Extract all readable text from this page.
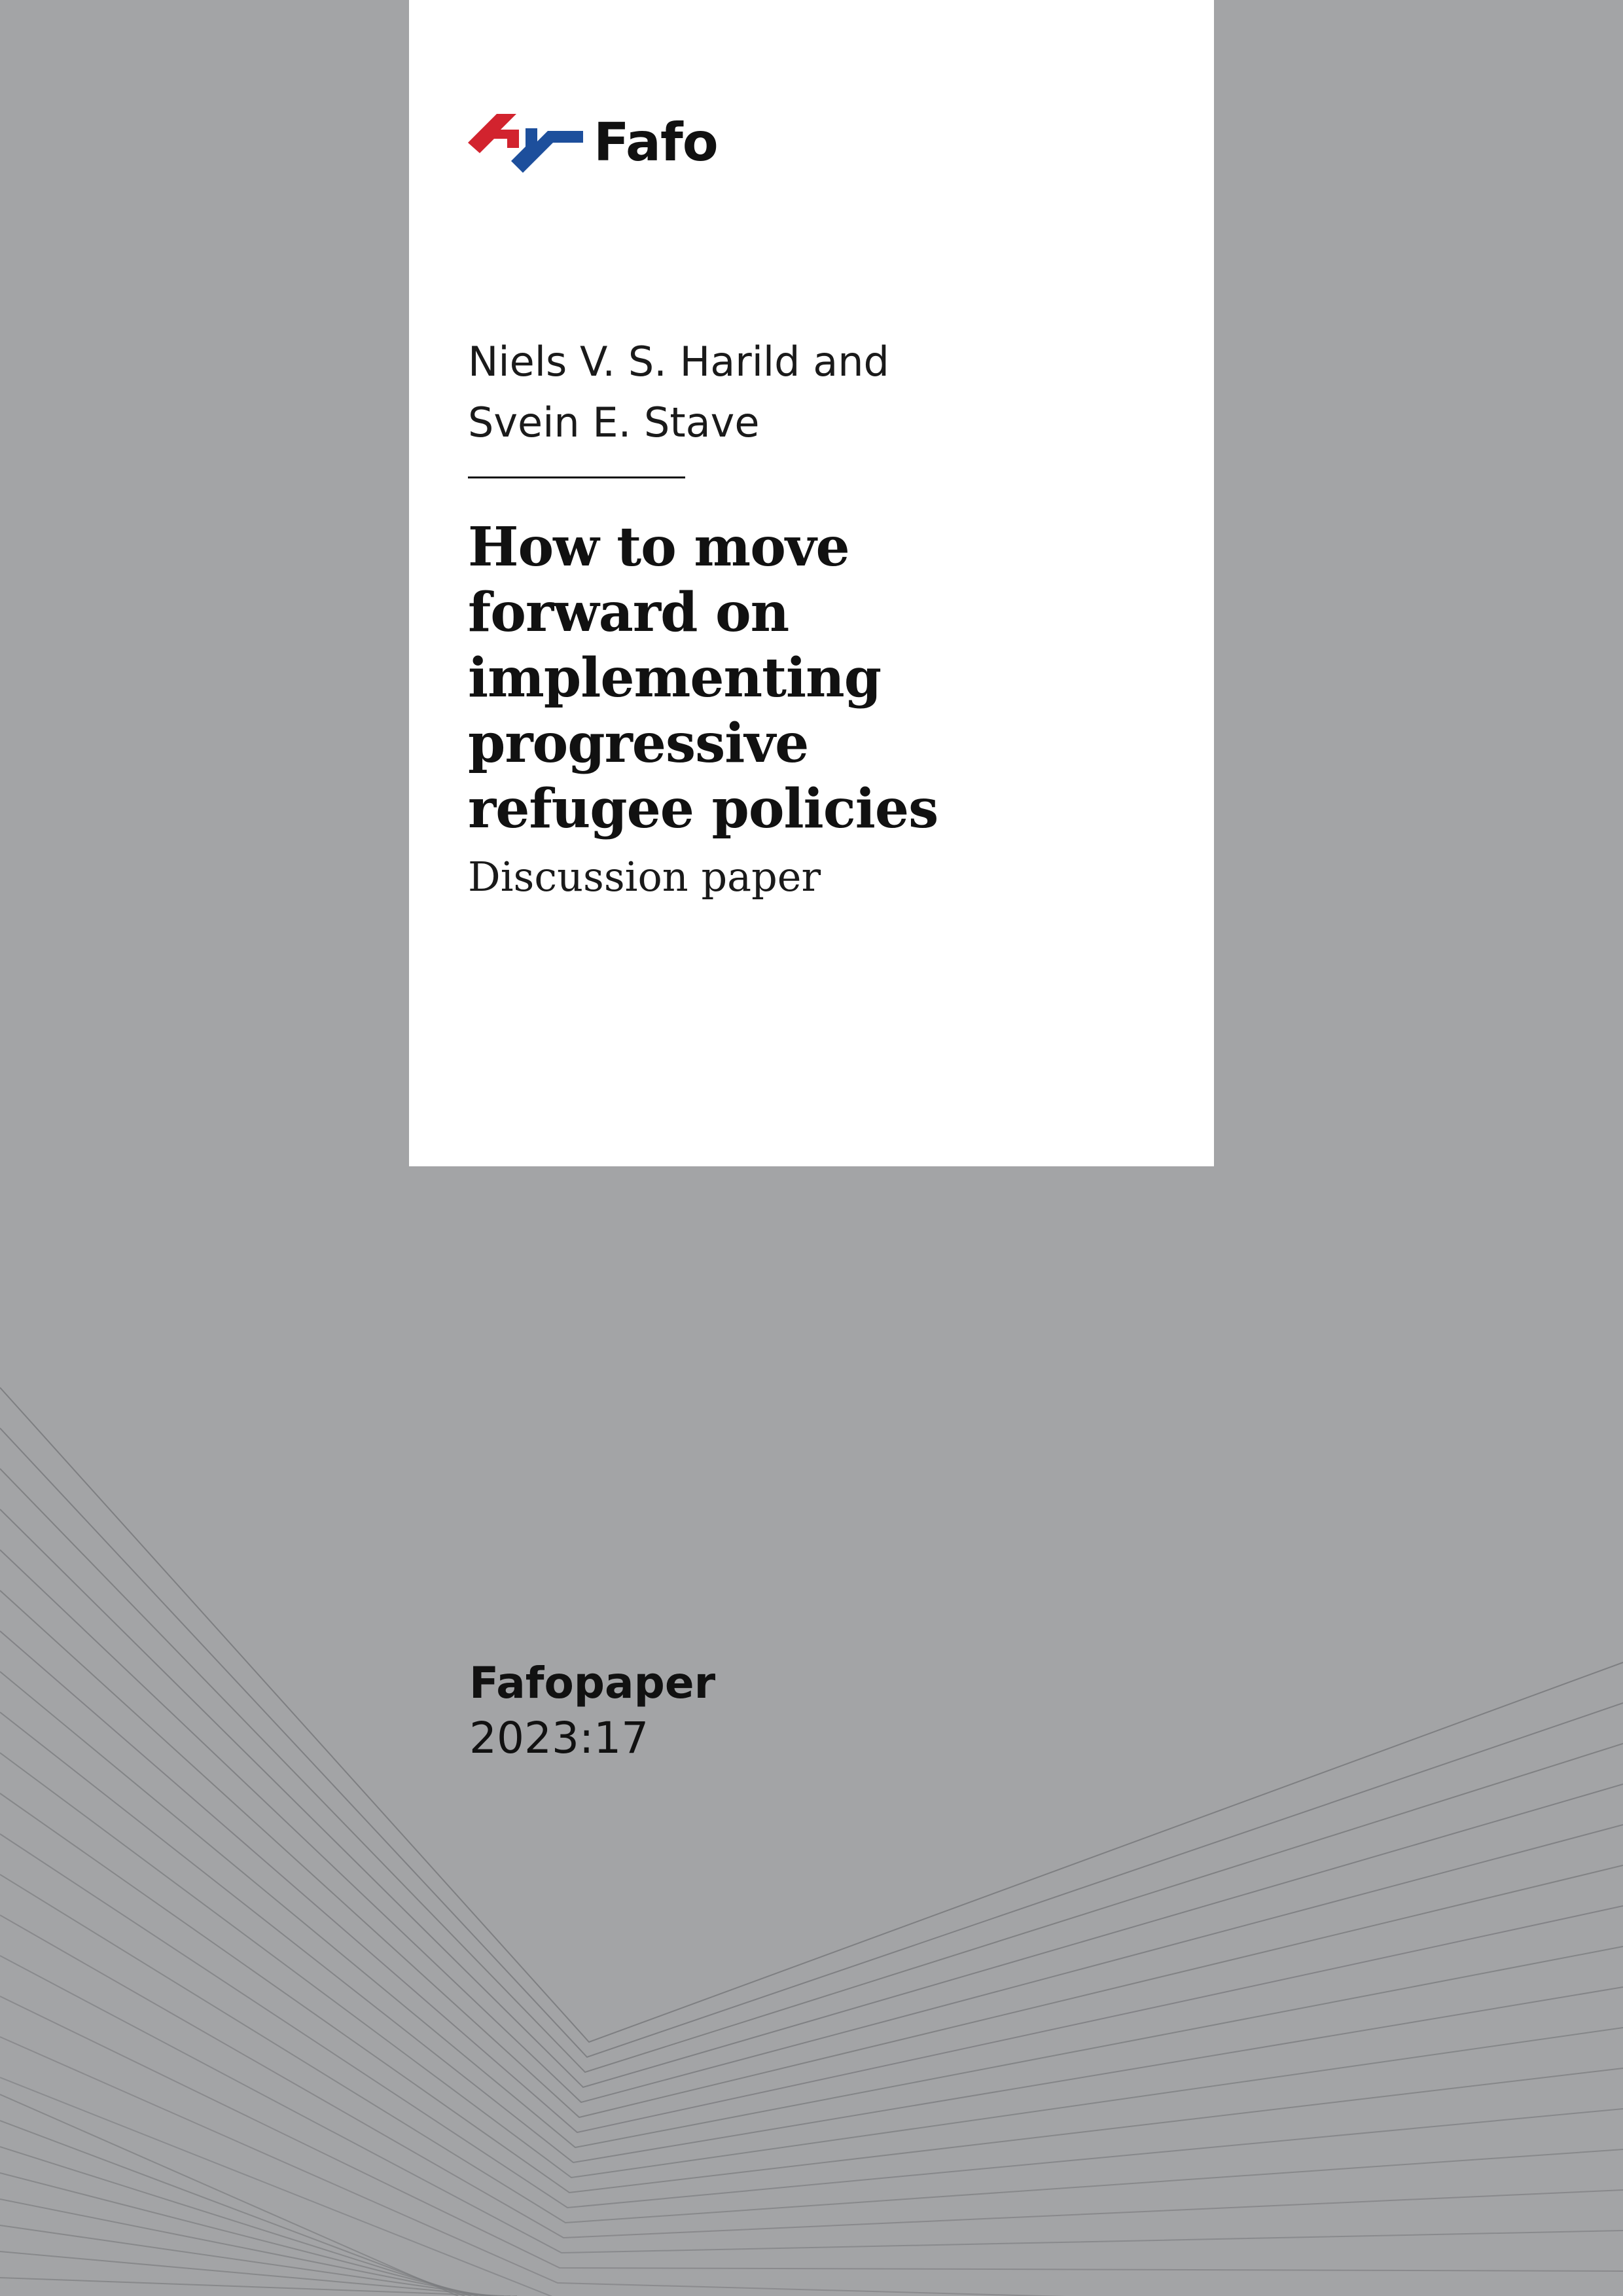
Fafo
Niels V. S. Harild and
Svein E. Stave
How to move
forward on
implementing
progressive
refugee policies
Discussion paper
Fafopaper
2023:17
